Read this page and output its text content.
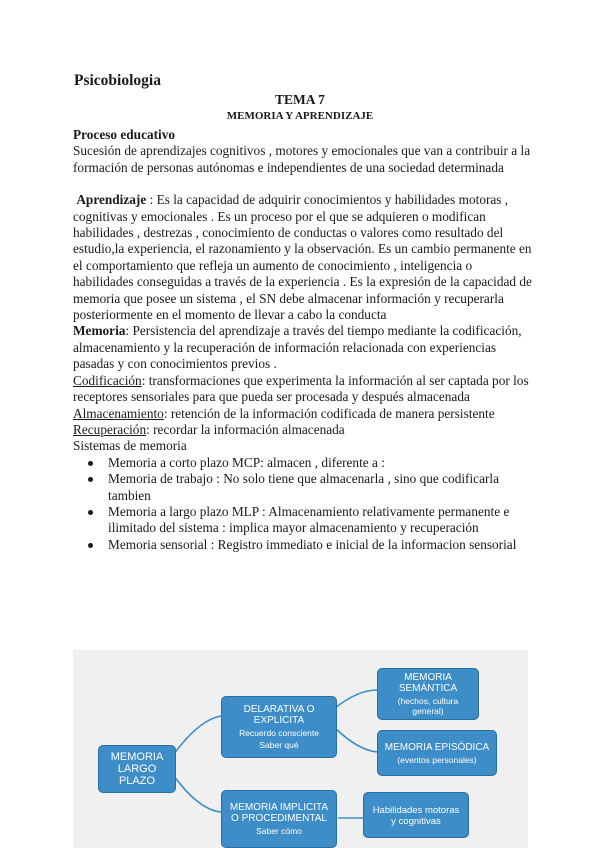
Psicobiologia
TEMA 7
MEMORIA Y APRENDIZAJE

Proceso educativo

Sucesión de aprendizajes cognitivos , motores y emocionales que van a contribuir a la formación de personas autónomas e independientes de una sociedad determinada

Aprendizaje : Es la capacidad de adquirir conocimientos y habilidades motoras , cognitivas y emocionales . Es un proceso por el que se adquieren o modifican habilidades , destrezas , conocimiento de conductas o valores como resultado del estudio,la experiencia, el razonamiento y la observación. Es un cambio permanente en el comportamiento que refleja un aumento de conocimiento , inteligencia o habilidades conseguidas a través de la experiencia . Es la expresión de la capacidad de memoria que posee un sistema , el SN debe almacenar información y recuperarla posteriormente en el momento de llevar a cabo la conducta

Memoria: Persistencia del aprendizaje a través del tiempo mediante la codificación, almacenamiento y la recuperación de información relacionada con experiencias pasadas y con conocimientos previos .

Codificación: transformaciones que experimenta la información al ser captada por los receptores sensoriales para que pueda ser procesada y después almacenada

Almacenamiento: retención de la información codificada de manera persistente

Recuperación: recordar la información almacenada

Sistemas de memoria

Memoria a corto plazo MCP: almacen , diferente a :
Memoria de trabajo : No solo tiene que almacenarla , sino que codificarla tambien
Memoria a largo plazo MLP : Almacenamiento relativamente permanente e ilimitado del sistema : implica mayor almacenamiento y recuperación
Memoria sensorial : Registro immediato e inicial de la informacion sensorial
MEMORIA
LARGO
PLAZO
DELARATIVA O EXPLICITA
Recuerdo consciente
Saber qué
MEMORIA SEMÁNTICA
(hechos, cultura general)
MEMORIA EPISÓDICA
(eventos personales)
MEMORIA IMPLICITA O PROCEDIMENTAL
Saber cómo
Habilidades motoras y cognitivas
